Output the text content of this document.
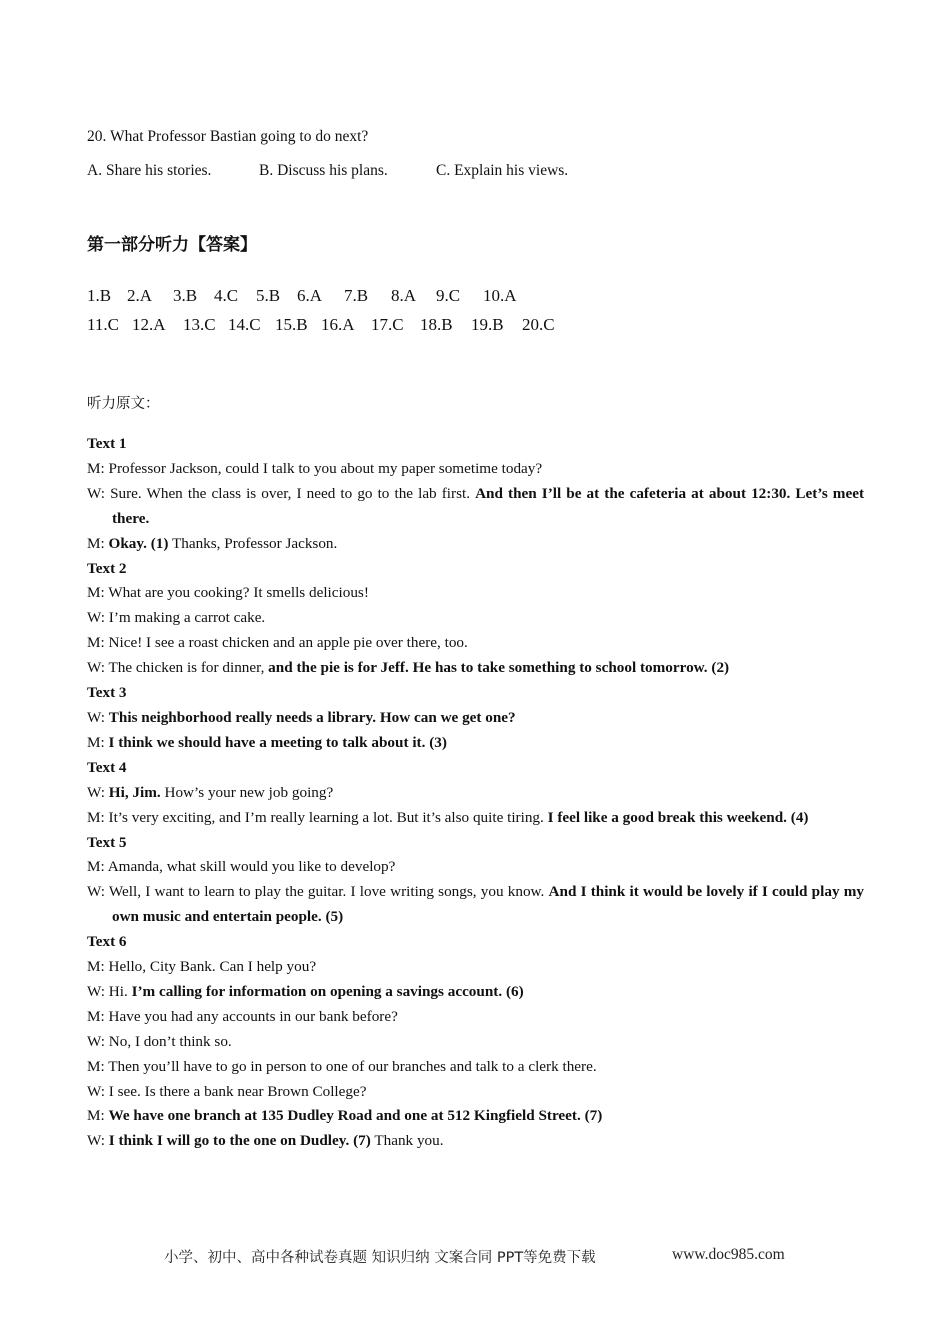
20. What Professor Bastian going to do next?
A. Share his stories.	B. Discuss his plans.	C. Explain his views.
第一部分听力【答案】
1.B 2.A 3.B 4.C 5.B 6.A 7.B 8.A 9.C 10.A
11.C 12.A 13.C 14.C 15.B 16.A 17.C 18.B 19.B 20.C
听力原文：
Text 1
M: Professor Jackson, could I talk to you about my paper sometime today?
W: Sure. When the class is over, I need to go to the lab first. And then I’ll be at the cafeteria at about 12:30. Let’s meet there.
M: Okay. (1) Thanks, Professor Jackson.
Text 2
M: What are you cooking? It smells delicious!
W: I’m making a carrot cake.
M: Nice! I see a roast chicken and an apple pie over there, too.
W: The chicken is for dinner, and the pie is for Jeff. He has to take something to school tomorrow. (2)
Text 3
W: This neighborhood really needs a library. How can we get one?
M: I think we should have a meeting to talk about it. (3)
Text 4
W: Hi, Jim. How’s your new job going?
M: It’s very exciting, and I’m really learning a lot. But it’s also quite tiring. I feel like a good break this weekend. (4)
Text 5
M: Amanda, what skill would you like to develop?
W: Well, I want to learn to play the guitar. I love writing songs, you know. And I think it would be lovely if I could play my own music and entertain people. (5)
Text 6
M: Hello, City Bank. Can I help you?
W: Hi. I’m calling for information on opening a savings account. (6)
M: Have you had any accounts in our bank before?
W: No, I don’t think so.
M: Then you’ll have to go in person to one of our branches and talk to a clerk there.
W: I see. Is there a bank near Brown College?
M: We have one branch at 135 Dudley Road and one at 512 Kingfield Street. (7)
W: I think I will go to the one on Dudley. (7) Thank you.
小学、初中、高中各种试卷真题 知识归纳 文案合同 PPT等免费下载	www.doc985.com
